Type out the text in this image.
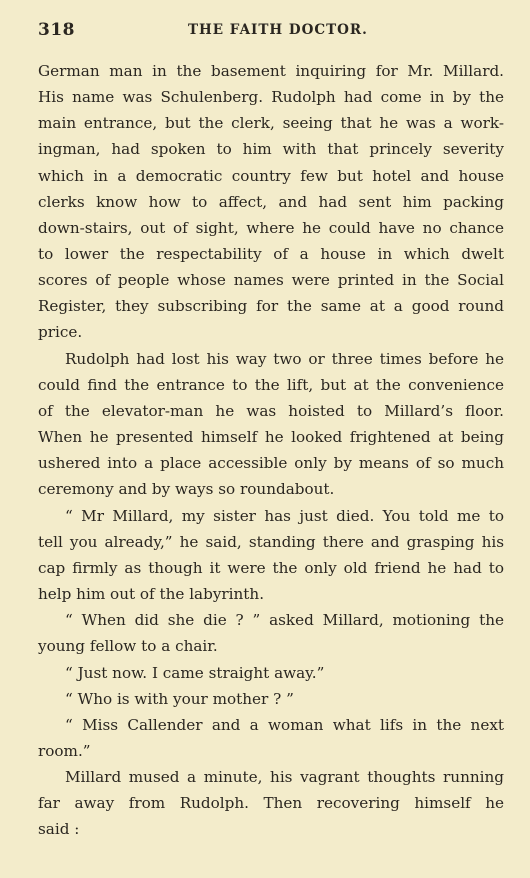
318	THE FAITH DOCTOR.
German man in the basement inquiring for Mr. Millard.
His name was Schulenberg. Rudolph had come in by the
main entrance, but the clerk, seeing that he was a work-
ingman, had spoken to him with that princely severity
which in a democratic country few but hotel and house
clerks know how to affect, and had sent him packing
down-stairs, out of sight, where he could have no chance
to lower the respectability of a house in which dwelt
scores of people whose names were printed in the Social
Register, they subscribing for the same at a good round
price.
Rudolph had lost his way two or three times before he
could find the entrance to the lift, but at the convenience
of the elevator-man he was hoisted to Millard’s floor.
When he presented himself he looked frightened at being
ushered into a place accessible only by means of so much
ceremony and by ways so roundabout.
“ Mr Millard, my sister has just died. You told me to
tell you already,” he said, standing there and grasping his
cap firmly as though it were the only old friend he had to
help him out of the labyrinth.
“ When did she die ? ” asked Millard, motioning the
young fellow to a chair.
“ Just now. I came straight away.”
“ Who is with your mother ? ”
“ Miss Callender and a woman what lifs in the next
room.”
Millard mused a minute, his vagrant thoughts running
far away from Rudolph. Then recovering himself he
said :
